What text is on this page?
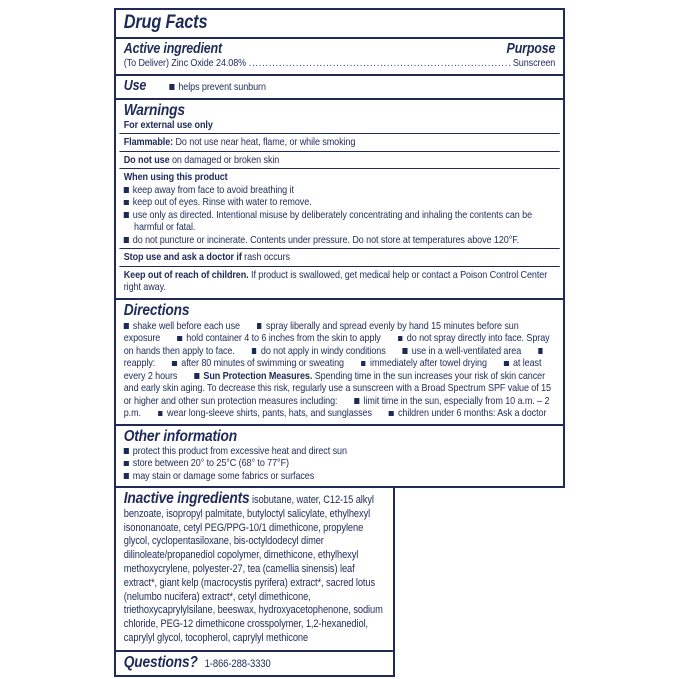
Drug Facts
Active ingredient	Purpose
(To Deliver) Zinc Oxide 24.08% .....	Sunscreen
Use	helps prevent sunburn
Warnings
For external use only
Flammable: Do not use near heat, flame, or while smoking
Do not use on damaged or broken skin
When using this product
keep away from face to avoid breathing it
keep out of eyes. Rinse with water to remove.
use only as directed. Intentional misuse by deliberately concentrating and inhaling the contents can be harmful or fatal.
do not puncture or incinerate. Contents under pressure. Do not store at temperatures above 120°F.
Stop use and ask a doctor if rash occurs
Keep out of reach of children. If product is swallowed, get medical help or contact a Poison Control Center right away.
Directions
shake well before each use spray liberally and spread evenly by hand 15 minutes before sun exposure hold container 4 to 6 inches from the skin to apply do not spray directly into face. Spray on hands then apply to face. do not apply in windy conditions use in a well-ventilated area reapply: after 80 minutes of swimming or sweating immediately after towel drying at least every 2 hours Sun Protection Measures. Spending time in the sun increases your risk of skin cancer and early skin aging. To decrease this risk, regularly use a sunscreen with a Broad Spectrum SPF value of 15 or higher and other sun protection measures including: limit time in the sun, especially from 10 a.m. – 2 p.m. wear long-sleeve shirts, pants, hats, and sunglasses children under 6 months: Ask a doctor
Other information
protect this product from excessive heat and direct sun
store between 20° to 25°C (68° to 77°F)
may stain or damage some fabrics or surfaces
Inactive ingredients isobutane, water, C12-15 alkyl benzoate, isopropyl palmitate, butyloctyl salicylate, ethylhexyl isononanoate, cetyl PEG/PPG-10/1 dimethicone, propylene glycol, cyclopentasiloxane, bis-octyldodecyl dimer dilinoleate/propanediol copolymer, dimethicone, ethylhexyl methoxycrylene, polyester-27, tea (camellia sinensis) leaf extract*, giant kelp (macrocystis pyrifera) extract*, sacred lotus (nelumbo nucifera) extract*, cetyl dimethicone, triethoxycaprylylsilane, beeswax, hydroxyacetophenone, sodium chloride, PEG-12 dimethicone crosspolymer, 1,2-hexanediol, caprylyl glycol, tocopherol, caprylyl methicone
Questions? 1-866-288-3330
